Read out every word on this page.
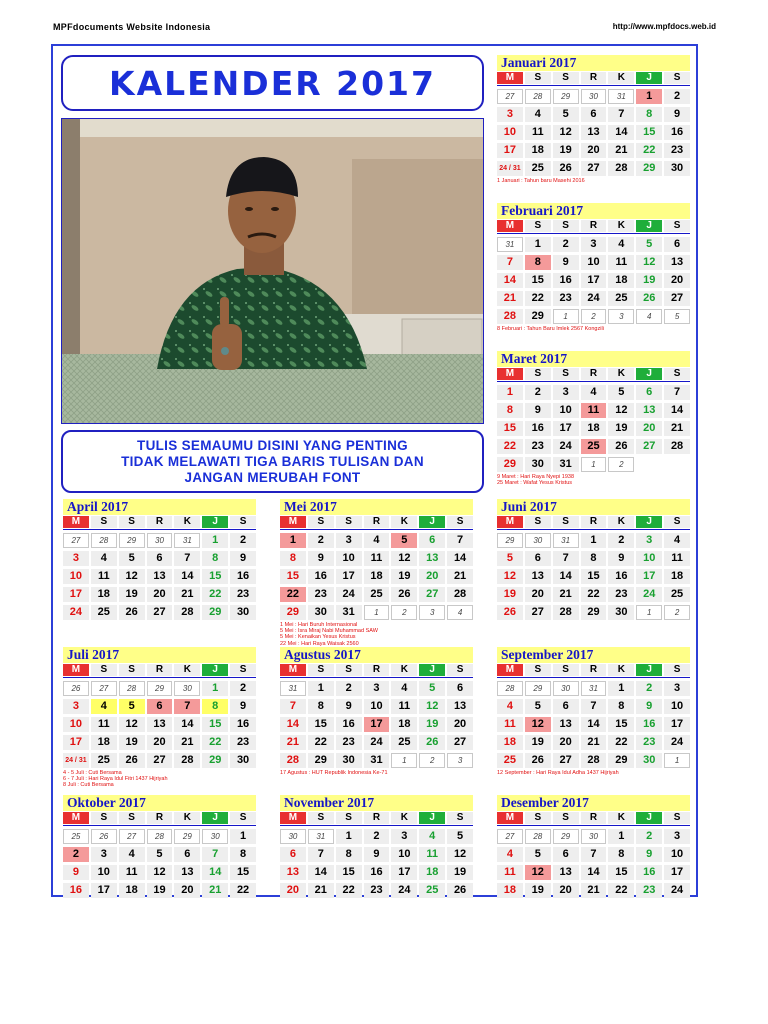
MPFdocuments Website Indonesia	http://www.mpfdocs.web.id
KALENDER 2017
TULIS SEMAUMU DISINI YANG PENTING
TIDAK MELAWATI TIGA BARIS TULISAN DAN
JANGAN MERUBAH FONT
Januari 2017
M	S	S	R	K	J	S
27	28	29	30	31	1	2
3	4	5	6	7	8	9
10	11	12	13	14	15	16
17	18	19	20	21	22	23
24 / 31	25	26	27	28	29	30
1 Januari : Tahun baru Masehi 2016
Februari 2017
M	S	S	R	K	J	S
31	1	2	3	4	5	6
7	8	9	10	11	12	13
14	15	16	17	18	19	20
21	22	23	24	25	26	27
28	29	1	2	3	4	5
8 Februari : Tahun Baru Imlek 2567 Kongzili
Maret 2017
M	S	S	R	K	J	S
1	2	3	4	5	6	7
8	9	10	11	12	13	14
15	16	17	18	19	20	21
22	23	24	25	26	27	28
29	30	31	1	2
9 Maret : Hari Raya Nyepi 1938
25 Maret : Wafat Yesus Kristus
April 2017
M	S	S	R	K	J	S
27	28	29	30	31	1	2
3	4	5	6	7	8	9
10	11	12	13	14	15	16
17	18	19	20	21	22	23
24	25	26	27	28	29	30
Mei 2017
M	S	S	R	K	J	S
1	2	3	4	5	6	7
8	9	10	11	12	13	14
15	16	17	18	19	20	21
22	23	24	25	26	27	28
29	30	31	1	2	3	4
1 Mei : Hari Buruh Internasional
5 Mei : Isra Miraj Nabi Muhammad SAW
5 Mei : Kenaikan Yesus Kristus
22 Mei : Hari Raya Waisak 2560
Juni 2017
M	S	S	R	K	J	S
29	30	31	1	2	3	4
5	6	7	8	9	10	11
12	13	14	15	16	17	18
19	20	21	22	23	24	25
26	27	28	29	30	1	2
Juli 2017
M	S	S	R	K	J	S
26	27	28	29	30	1	2
3	4	5	6	7	8	9
10	11	12	13	14	15	16
17	18	19	20	21	22	23
24 / 31	25	26	27	28	29	30
4 - 5 Juli : Cuti Bersama
6 - 7 Juli : Hari Raya Idul Fitri 1437 Hijriyah
8 Juli : Cuti Bersama
Agustus 2017
M	S	S	R	K	J	S
31	1	2	3	4	5	6
7	8	9	10	11	12	13
14	15	16	17	18	19	20
21	22	23	24	25	26	27
28	29	30	31	1	2	3
17 Agustus : HUT Republik Indonesia Ke-71
September 2017
M	S	S	R	K	J	S
28	29	30	31	1	2	3
4	5	6	7	8	9	10
11	12	13	14	15	16	17
18	19	20	21	22	23	24
25	26	27	28	29	30	1
12 September : Hari Raya Idul Adha 1437 Hijriyah
Oktober 2017
M	S	S	R	K	J	S
25	26	27	28	29	30	1
2	3	4	5	6	7	8
9	10	11	12	13	14	15
16	17	18	19	20	21	22
November 2017
M	S	S	R	K	J	S
30	31	1	2	3	4	5
6	7	8	9	10	11	12
13	14	15	16	17	18	19
20	21	22	23	24	25	26
Desember 2017
M	S	S	R	K	J	S
27	28	29	30	1	2	3
4	5	6	7	8	9	10
11	12	13	14	15	16	17
18	19	20	21	22	23	24
